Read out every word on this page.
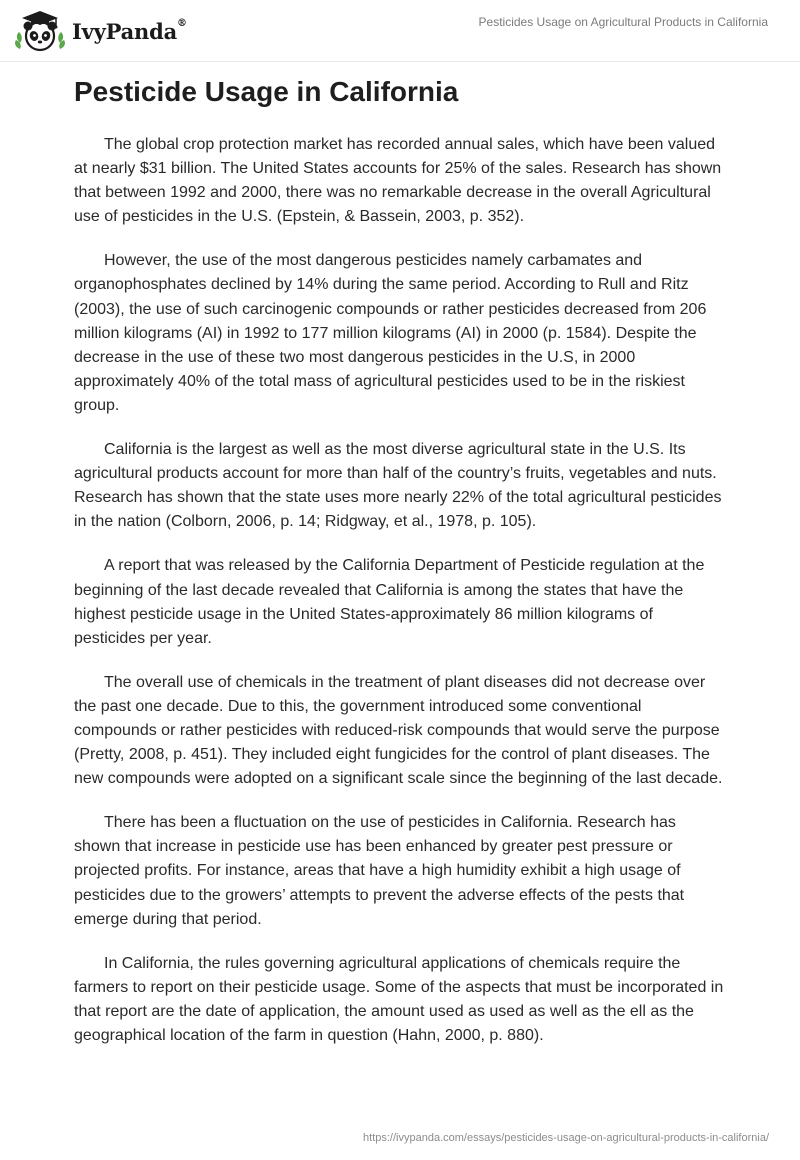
IvyPanda®	Pesticides Usage on Agricultural Products in California
Pesticide Usage in California

The global crop protection market has recorded annual sales, which have been valued at nearly $31 billion. The United States accounts for 25% of the sales. Research has shown that between 1992 and 2000, there was no remarkable decrease in the overall Agricultural use of pesticides in the U.S. (Epstein, & Bassein, 2003, p. 352).

However, the use of the most dangerous pesticides namely carbamates and organophosphates declined by 14% during the same period. According to Rull and Ritz (2003), the use of such carcinogenic compounds or rather pesticides decreased from 206 million kilograms (AI) in 1992 to 177 million kilograms (AI) in 2000 (p. 1584). Despite the decrease in the use of these two most dangerous pesticides in the U.S, in 2000 approximately 40% of the total mass of agricultural pesticides used to be in the riskiest group.

California is the largest as well as the most diverse agricultural state in the U.S. Its agricultural products account for more than half of the country’s fruits, vegetables and nuts. Research has shown that the state uses more nearly 22% of the total agricultural pesticides in the nation (Colborn, 2006, p. 14; Ridgway, et al., 1978, p. 105).

A report that was released by the California Department of Pesticide regulation at the beginning of the last decade revealed that California is among the states that have the highest pesticide usage in the United States-approximately 86 million kilograms of pesticides per year.

The overall use of chemicals in the treatment of plant diseases did not decrease over the past one decade. Due to this, the government introduced some conventional compounds or rather pesticides with reduced-risk compounds that would serve the purpose (Pretty, 2008, p. 451). They included eight fungicides for the control of plant diseases. The new compounds were adopted on a significant scale since the beginning of the last decade.

There has been a fluctuation on the use of pesticides in California. Research has shown that increase in pesticide use has been enhanced by greater pest pressure or projected profits. For instance, areas that have a high humidity exhibit a high usage of pesticides due to the growers’ attempts to prevent the adverse effects of the pests that emerge during that period.

In California, the rules governing agricultural applications of chemicals require the farmers to report on their pesticide usage. Some of the aspects that must be incorporated in that report are the date of application, the amount used as used as well as the ell as the geographical location of the farm in question (Hahn, 2000, p. 880).

https://ivypanda.com/essays/pesticides-usage-on-agricultural-products-in-california/
